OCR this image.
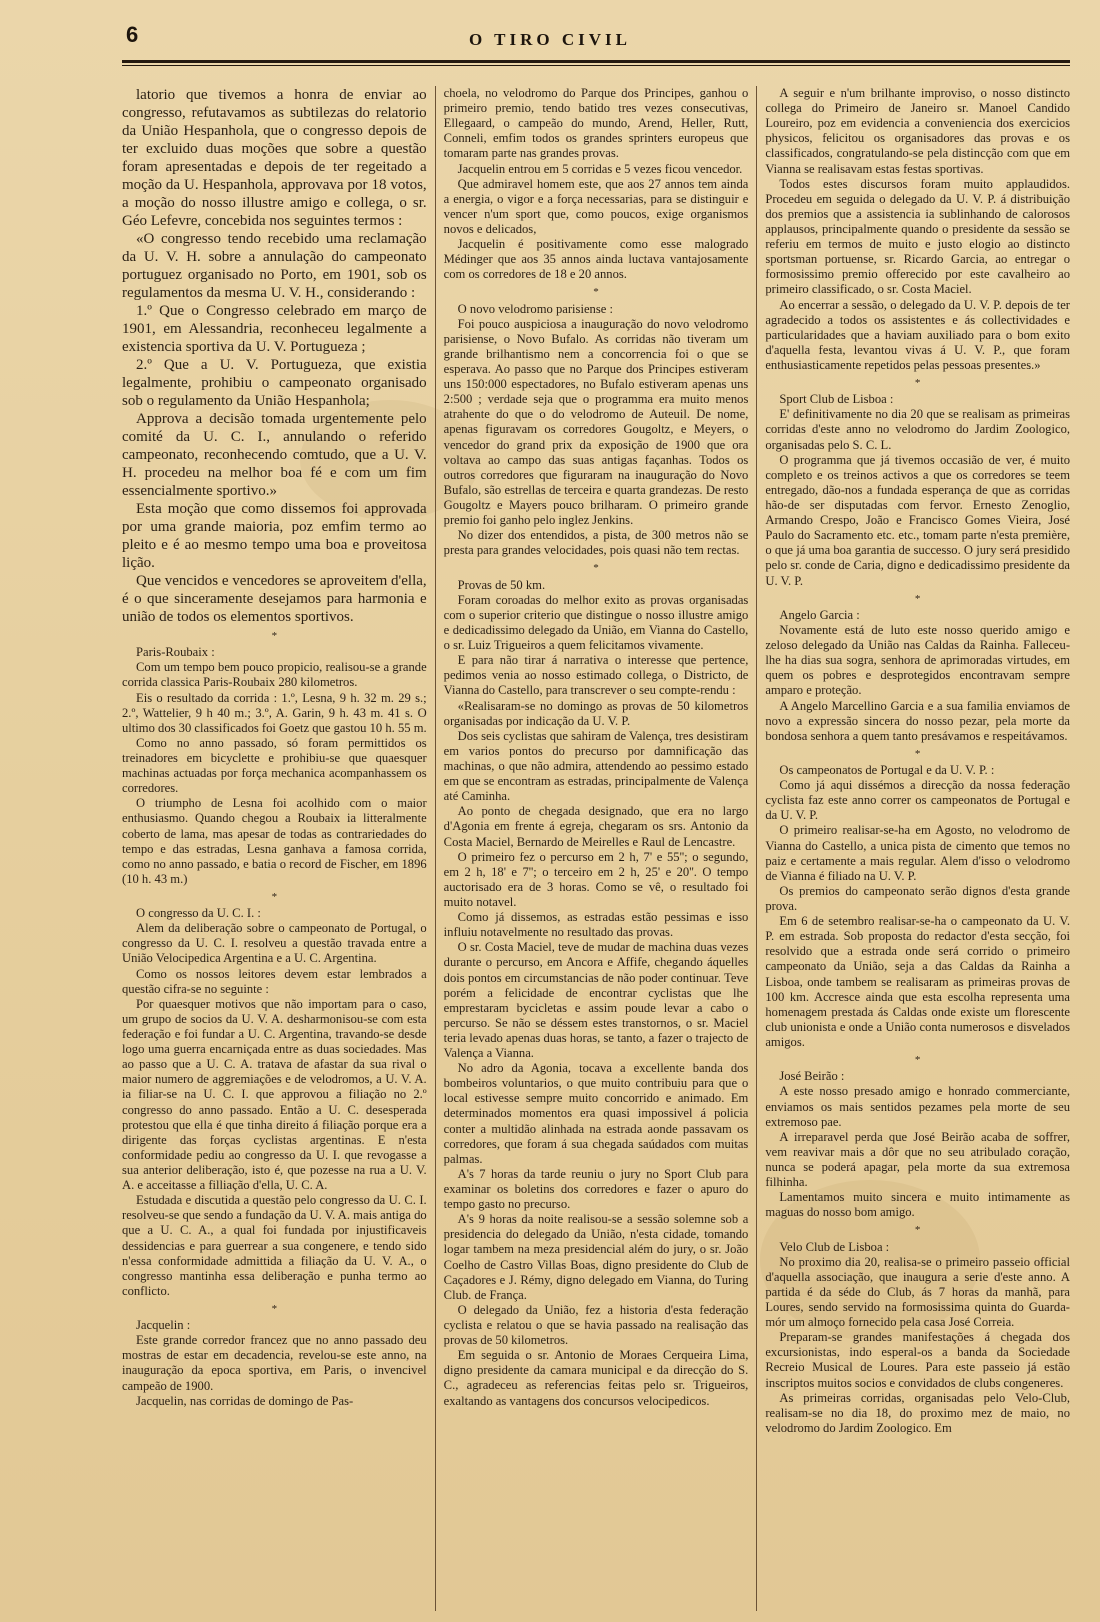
6	O TIRO CIVIL

latorio que tivemos a honra de enviar ao congresso, refutavamos as subtilezas do relatorio da União Hespanhola, que o congresso depois de ter excluido duas moções que sobre a questão foram apresentadas e depois de ter regeitado a moção da U. Hespanhola, approvava por 18 votos, a moção do nosso illustre amigo e collega, o sr. Géo Lefevre, concebida nos seguintes termos :

«O congresso tendo recebido uma reclamação da U. V. H. sobre a annulação do campeonato portuguez organisado no Porto, em 1901, sob os regulamentos da mesma U. V. H., considerando :

1.º Que o Congresso celebrado em março de 1901, em Alessandria, reconheceu legalmente a existencia sportiva da U. V. Portugueza ;

2.º Que a U. V. Portugueza, que existia legalmente, prohibiu o campeonato organisado sob o regulamento da União Hespanhola;

Approva a decisão tomada urgentemente pelo comité da U. C. I., annulando o referido campeonato, reconhecendo comtudo, que a U. V. H. procedeu na melhor boa fé e com um fim essencialmente sportivo.»

Esta moção que como dissemos foi approvada por uma grande maioria, poz emfim termo ao pleito e é ao mesmo tempo uma boa e proveitosa lição.

Que vencidos e vencedores se aproveitem d'ella, é o que sinceramente desejamos para harmonia e união de todos os elementos sportivos.

*

Paris-Roubaix :

Com um tempo bem pouco propicio, realisou-se a grande corrida classica Paris-Roubaix 280 kilometros.

Eis o resultado da corrida : 1.º, Lesna, 9 h. 32 m. 29 s.; 2.º, Wattelier, 9 h 40 m.; 3.º, A. Garin, 9 h. 43 m. 41 s. O ultimo dos 30 classificados foi Goetz que gastou 10 h. 55 m.

Como no anno passado, só foram permittidos os treinadores em bicyclette e prohibiu-se que quaesquer machinas actuadas por força mechanica acompanhassem os corredores.

O triumpho de Lesna foi acolhido com o maior enthusiasmo. Quando chegou a Roubaix ia litteralmente coberto de lama, mas apesar de todas as contrariedades do tempo e das estradas, Lesna ganhava a famosa corrida, como no anno passado, e batia o record de Fischer, em 1896 (10 h. 43 m.)

*

O congresso da U. C. I. :

Alem da deliberação sobre o campeonato de Portugal, o congresso da U. C. I. resolveu a questão travada entre a União Velocipedica Argentina e a U. C. Argentina.

Como os nossos leitores devem estar lembrados a questão cifra-se no seguinte :

Por quaesquer motivos que não importam para o caso, um grupo de socios da U. V. A. desharmonisou-se com esta federação e foi fundar a U. C. Argentina, travando-se desde logo uma guerra encarniçada entre as duas sociedades. Mas ao passo que a U. C. A. tratava de afastar da sua rival o maior numero de aggremiações e de velodromos, a U. V. A. ia filiar-se na U. C. I. que approvou a filiação no 2.º congresso do anno passado. Então a U. C. desesperada protestou que ella é que tinha direito á filiação porque era a dirigente das forças cyclistas argentinas. E n'esta conformidade pediu ao congresso da U. I. que revogasse a sua anterior deliberação, isto é, que pozesse na rua a U. V. A. e acceitasse a filliação d'ella, U. C. A.

Estudada e discutida a questão pelo congresso da U. C. I. resolveu-se que sendo a fundação da U. V. A. mais antiga do que a U. C. A., a qual foi fundada por injustificaveis dessidencias e para guerrear a sua congenere, e tendo sido n'essa conformidade admittida a filiação da U. V. A., o congresso mantinha essa deliberação e punha termo ao conflicto.

*

Jacquelin :

Este grande corredor francez que no anno passado deu mostras de estar em decadencia, revelou-se este anno, na inauguração da epoca sportiva, em Paris, o invencivel campeão de 1900.

Jacquelin, nas corridas de domingo de Pas-

choela, no velodromo do Parque dos Principes, ganhou o primeiro premio, tendo batido tres vezes consecutivas, Ellegaard, o campeão do mundo, Arend, Heller, Rutt, Conneli, emfim todos os grandes sprinters europeus que tomaram parte nas grandes provas.

Jacquelin entrou em 5 corridas e 5 vezes ficou vencedor.

Que admiravel homem este, que aos 27 annos tem ainda a energia, o vigor e a força necessarias, para se distinguir e vencer n'um sport que, como poucos, exige organismos novos e delicados,

Jacquelin é positivamente como esse malogrado Médinger que aos 35 annos ainda luctava vantajosamente com os corredores de 18 e 20 annos.

*

O novo velodromo parisiense :

Foi pouco auspiciosa a inauguração do novo velodromo parisiense, o Novo Bufalo. As corridas não tiveram um grande brilhantismo nem a concorrencia foi o que se esperava. Ao passo que no Parque dos Principes estiveram uns 150:000 espectadores, no Bufalo estiveram apenas uns 2:500 ; verdade seja que o programma era muito menos atrahente do que o do velodromo de Auteuil. De nome, apenas figuravam os corredores Gougoltz, e Meyers, o vencedor do grand prix da exposição de 1900 que ora voltava ao campo das suas antigas façanhas. Todos os outros corredores que figuraram na inauguração do Novo Bufalo, são estrellas de terceira e quarta grandezas. De resto Gougoltz e Mayers pouco brilharam. O primeiro grande premio foi ganho pelo inglez Jenkins.

No dizer dos entendidos, a pista, de 300 metros não se presta para grandes velocidades, pois quasi não tem rectas.

*

Provas de 50 km.

Foram coroadas do melhor exito as provas organisadas com o superior criterio que distingue o nosso illustre amigo e dedicadissimo delegado da União, em Vianna do Castello, o sr. Luiz Trigueiros a quem felicitamos vivamente.

E para não tirar á narrativa o interesse que pertence, pedimos venia ao nosso estimado collega, o Districto, de Vianna do Castello, para transcrever o seu compte-rendu :

«Realisaram-se no domingo as provas de 50 kilometros organisadas por indicação da U. V. P.

Dos seis cyclistas que sahiram de Valença, tres desistiram em varios pontos do precurso por damnificação das machinas, o que não admira, attendendo ao pessimo estado em que se encontram as estradas, principalmente de Valença até Caminha.

Ao ponto de chegada designado, que era no largo d'Agonia em frente á egreja, chegaram os srs. Antonio da Costa Maciel, Bernardo de Meirelles e Raul de Lencastre.

O primeiro fez o percurso em 2 h, 7' e 55''; o segundo, em 2 h, 18' e 7''; o terceiro em 2 h, 25' e 20''. O tempo auctorisado era de 3 horas. Como se vê, o resultado foi muito notavel.

Como já dissemos, as estradas estão pessimas e isso influiu notavelmente no resultado das provas.

O sr. Costa Maciel, teve de mudar de machina duas vezes durante o percurso, em Ancora e Affife, chegando áquelles dois pontos em circumstancias de não poder continuar. Teve porém a felicidade de encontrar cyclistas que lhe emprestaram bycicletas e assim poude levar a cabo o percurso. Se não se déssem estes transtornos, o sr. Maciel teria levado apenas duas horas, se tanto, a fazer o trajecto de Valença a Vianna.

No adro da Agonia, tocava a excellente banda dos bombeiros voluntarios, o que muito contribuiu para que o local estivesse sempre muito concorrido e animado. Em determinados momentos era quasi impossivel á policia conter a multidão alinhada na estrada aonde passavam os corredores, que foram á sua chegada saúdados com muitas palmas.

A's 7 horas da tarde reuniu o jury no Sport Club para examinar os boletins dos corredores e fazer o apuro do tempo gasto no precurso.

A's 9 horas da noite realisou-se a sessão solemne sob a presidencia do delegado da União, n'esta cidade, tomando logar tambem na meza presidencial além do jury, o sr. João Coelho de Castro Villas Boas, digno presidente do Club de Caçadores e J. Rémy, digno delegado em Vianna, do Turing Club. de França.

O delegado da União, fez a historia d'esta federação cyclista e relatou o que se havia passado na realisação das provas de 50 kilometros.

Em seguida o sr. Antonio de Moraes Cerqueira Lima, digno presidente da camara municipal e da direcção do S. C., agradeceu as referencias feitas pelo sr. Trigueiros, exaltando as vantagens dos concursos velocipedicos.

A seguir e n'um brilhante improviso, o nosso distincto collega do Primeiro de Janeiro sr. Manoel Candido Loureiro, poz em evidencia a conveniencia dos exercicios physicos, felicitou os organisadores das provas e os classificados, congratulando-se pela distincção com que em Vianna se realisavam estas festas sportivas.

Todos estes discursos foram muito applaudidos. Procedeu em seguida o delegado da U. V. P. á distribuição dos premios que a assistencia ia sublinhando de calorosos applausos, principalmente quando o presidente da sessão se referiu em termos de muito e justo elogio ao distincto sportsman portuense, sr. Ricardo Garcia, ao entregar o formosissimo premio offerecido por este cavalheiro ao primeiro classificado, o sr. Costa Maciel.

Ao encerrar a sessão, o delegado da U. V. P. depois de ter agradecido a todos os assistentes e ás collectividades e particularidades que a haviam auxiliado para o bom exito d'aquella festa, levantou vivas á U. V. P., que foram enthusiasticamente repetidos pelas pessoas presentes.»

*

Sport Club de Lisboa :

E' definitivamente no dia 20 que se realisam as primeiras corridas d'este anno no velodromo do Jardim Zoologico, organisadas pelo S. C. L.

O programma que já tivemos occasião de ver, é muito completo e os treinos activos a que os corredores se teem entregado, dão-nos a fundada esperança de que as corridas hão-de ser disputadas com fervor. Ernesto Zenoglio, Armando Crespo, João e Francisco Gomes Vieira, José Paulo do Sacramento etc. etc., tomam parte n'esta première, o que já uma boa garantia de successo. O jury será presidido pelo sr. conde de Caria, digno e dedicadissimo presidente da U. V. P.

*

Angelo Garcia :

Novamente está de luto este nosso querido amigo e zeloso delegado da União nas Caldas da Rainha. Falleceu-lhe ha dias sua sogra, senhora de aprimoradas virtudes, em quem os pobres e desprotegidos encontravam sempre amparo e proteção.

A Angelo Marcellino Garcia e a sua familia enviamos de novo a expressão sincera do nosso pezar, pela morte da bondosa senhora a quem tanto presávamos e respeitávamos.

*

Os campeonatos de Portugal e da U. V. P. :

Como já aqui dissémos a direcção da nossa federação cyclista faz este anno correr os campeonatos de Portugal e da U. V. P.

O primeiro realisar-se-ha em Agosto, no velodromo de Vianna do Castello, a unica pista de cimento que temos no paiz e certamente a mais regular. Alem d'isso o velodromo de Vianna é filiado na U. V. P.

Os premios do campeonato serão dignos d'esta grande prova.

Em 6 de setembro realisar-se-ha o campeonato da U. V. P. em estrada. Sob proposta do redactor d'esta secção, foi resolvido que a estrada onde será corrido o primeiro campeonato da União, seja a das Caldas da Rainha a Lisboa, onde tambem se realisaram as primeiras provas de 100 km. Accresce ainda que esta escolha representa uma homenagem prestada ás Caldas onde existe um florescente club unionista e onde a União conta numerosos e disvelados amigos.

*

José Beirão :

A este nosso presado amigo e honrado commerciante, enviamos os mais sentidos pezames pela morte de seu extremoso pae.

A irreparavel perda que José Beirão acaba de soffrer, vem reavivar mais a dôr que no seu atribulado coração, nunca se poderá apagar, pela morte da sua extremosa filhinha.

Lamentamos muito sincera e muito intimamente as maguas do nosso bom amigo.

*

Velo Club de Lisboa :

No proximo dia 20, realisa-se o primeiro passeio official d'aquella associação, que inaugura a serie d'este anno. A partida é da séde do Club, ás 7 horas da manhã, para Loures, sendo servido na formosissima quinta do Guarda-mór um almoço fornecido pela casa José Correia.

Preparam-se grandes manifestações á chegada dos excursionistas, indo esperal-os a banda da Sociedade Recreio Musical de Loures. Para este passeio já estão inscriptos muitos socios e convidados de clubs congeneres.

As primeiras corridas, organisadas pelo Velo-Club, realisam-se no dia 18, do proximo mez de maio, no velodromo do Jardim Zoologico. Em
